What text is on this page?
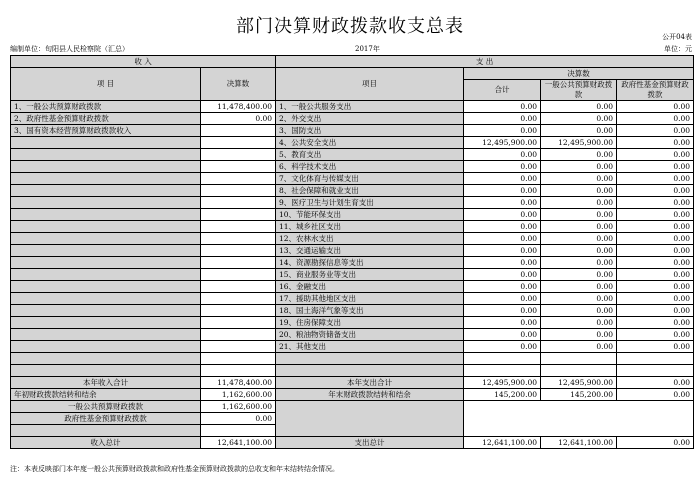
部门决算财政拨款收支总表	公开04表
编制单位：旬阳县人民检察院（汇总）	2017年	单位：元
收 入		支 出			
项 目	决算数	项目	决算数		
			合计	一般公共预算财政拨款	政府性基金预算财政拨款

1、一般公共预算财政拨款	11,478,400.00	1、一般公共服务支出	0.00	0.00	0.00
2、政府性基金预算财政拨款	0.00	2、外交支出	0.00	0.00	0.00
3、国有资本经营预算财政拨款收入		3、国防支出	0.00	0.00	0.00
		4、公共安全支出	12,495,900.00	12,495,900.00	0.00
		5、教育支出	0.00	0.00	0.00
		6、科学技术支出	0.00	0.00	0.00
		7、文化体育与传媒支出	0.00	0.00	0.00
		8、社会保障和就业支出	0.00	0.00	0.00
		9、医疗卫生与计划生育支出	0.00	0.00	0.00
		10、节能环保支出	0.00	0.00	0.00
		11、城乡社区支出	0.00	0.00	0.00
		12、农林水支出	0.00	0.00	0.00
		13、交通运输支出	0.00	0.00	0.00
		14、资源勘探信息等支出	0.00	0.00	0.00
		15、商业服务业等支出	0.00	0.00	0.00
		16、金融支出	0.00	0.00	0.00
		17、援助其他地区支出	0.00	0.00	0.00
		18、国土海洋气象等支出	0.00	0.00	0.00
		19、住房保障支出	0.00	0.00	0.00
		20、粮油物资储备支出	0.00	0.00	0.00
		21、其他支出	0.00	0.00	0.00

本年收入合计	11,478,400.00	本年支出合计	12,495,900.00	12,495,900.00	0.00
年初财政拨款结转和结余	1,162,600.00	年末财政拨款结转和结余	145,200.00	145,200.00	0.00
一般公共预算财政拨款	1,162,600.00				
政府性基金预算财政拨款	0.00				

收入总计	12,641,100.00	支出总计	12,641,100.00	12,641,100.00	0.00
注：本表反映部门本年度一般公共预算财政拨款和政府性基金预算财政拨款的总收支和年末结转结余情况。
